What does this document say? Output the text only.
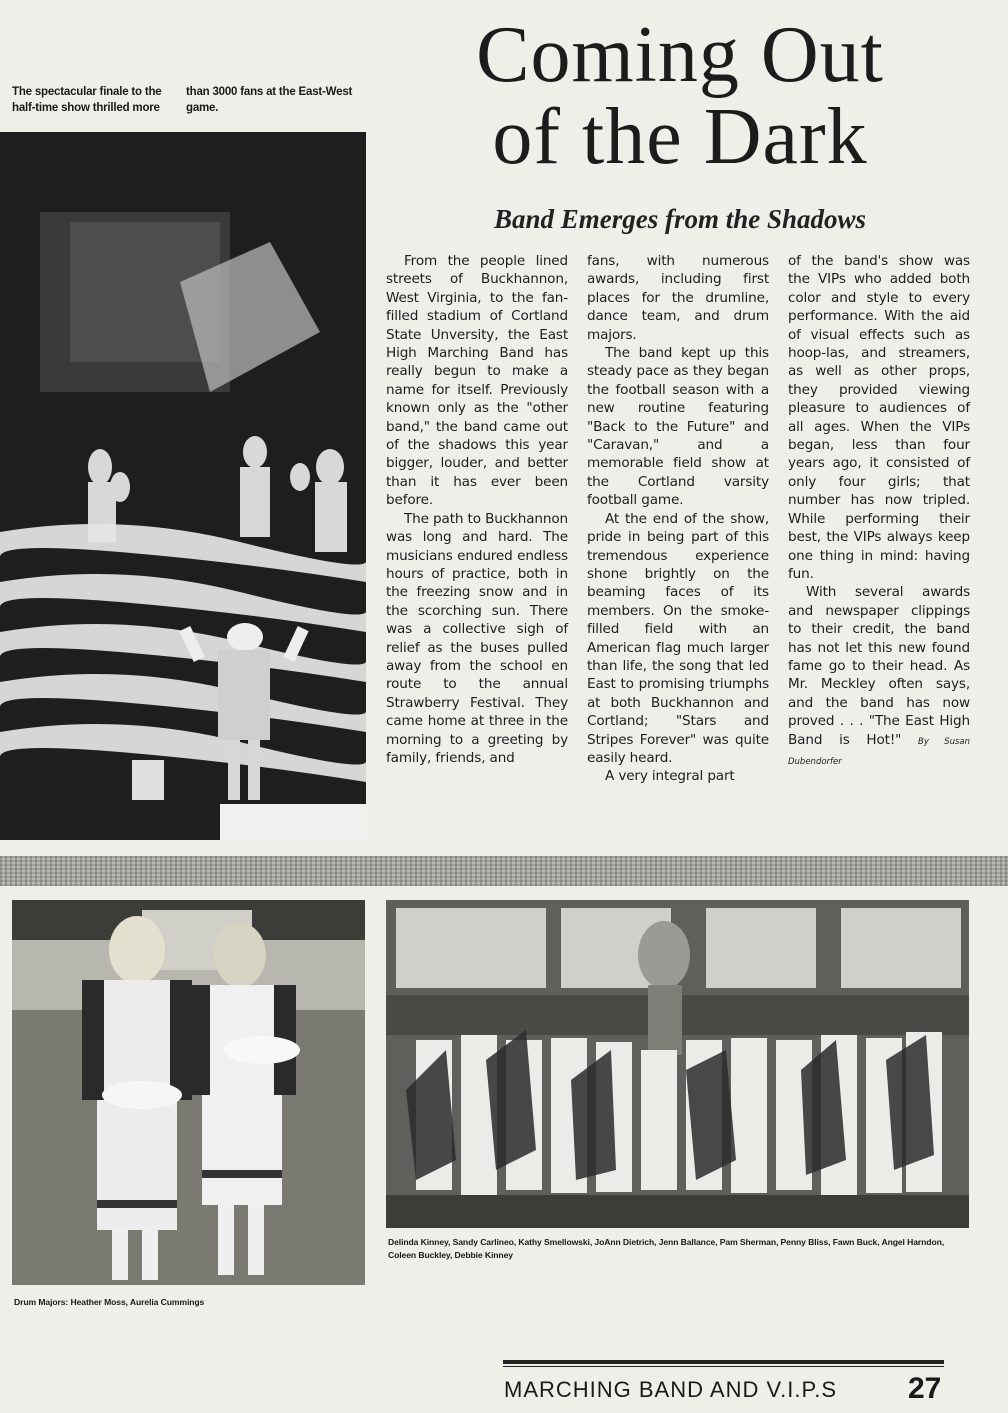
The spectacular finale to the half-time show thrilled more
than 3000 fans at the East-West game.
Coming Out
of the Dark
Band Emerges from the Shadows

From the people lined streets of Buckhannon, West Virginia, to the fan-filled stadium of Cortland State Unversity, the East High Marching Band has really begun to make a name for itself. Previously known only as the "other band," the band came out of the shadows this year bigger, louder, and better than it has ever been before.

The path to Buckhannon was long and hard. The musicians endured endless hours of practice, both in the freezing snow and in the scorching sun. There was a collective sigh of relief as the buses pulled away from the school en route to the annual Strawberry Festival. They came home at three in the morning to a greeting by family, friends, and

fans, with numerous awards, including first places for the drumline, dance team, and drum majors.

The band kept up this steady pace as they began the football season with a new routine featuring "Back to the Future" and "Caravan," and a memorable field show at the Cortland varsity football game.

At the end of the show, pride in being part of this tremendous experience shone brightly on the beaming faces of its members. On the smoke-filled field with an American flag much larger than life, the song that led East to promising triumphs at both Buckhannon and Cortland; "Stars and Stripes Forever" was quite easily heard.

A very integral part

of the band's show was the VIPs who added both color and style to every performance. With the aid of visual effects such as hoop-las, and streamers, as well as other props, they provided viewing pleasure to audiences of all ages. When the VIPs began, less than four years ago, it consisted of only four girls; that number has now tripled. While performing their best, the VIPs always keep one thing in mind: having fun.

With several awards and newspaper clippings to their credit, the band has not let this new found fame go to their head. As Mr. Meckley often says, and the band has now proved . . . "The East High Band is Hot!" By Susan Dubendorfer

Drum Majors: Heather Moss, Aurelia Cummings
Delinda Kinney, Sandy Carlineo, Kathy Smellowski, JoAnn Dietrich, Jenn Ballance, Pam Sherman, Penny Bliss, Fawn Buck, Angel Harndon, Coleen Buckley, Debbie Kinney
MARCHING BAND AND V.I.P.S 27
